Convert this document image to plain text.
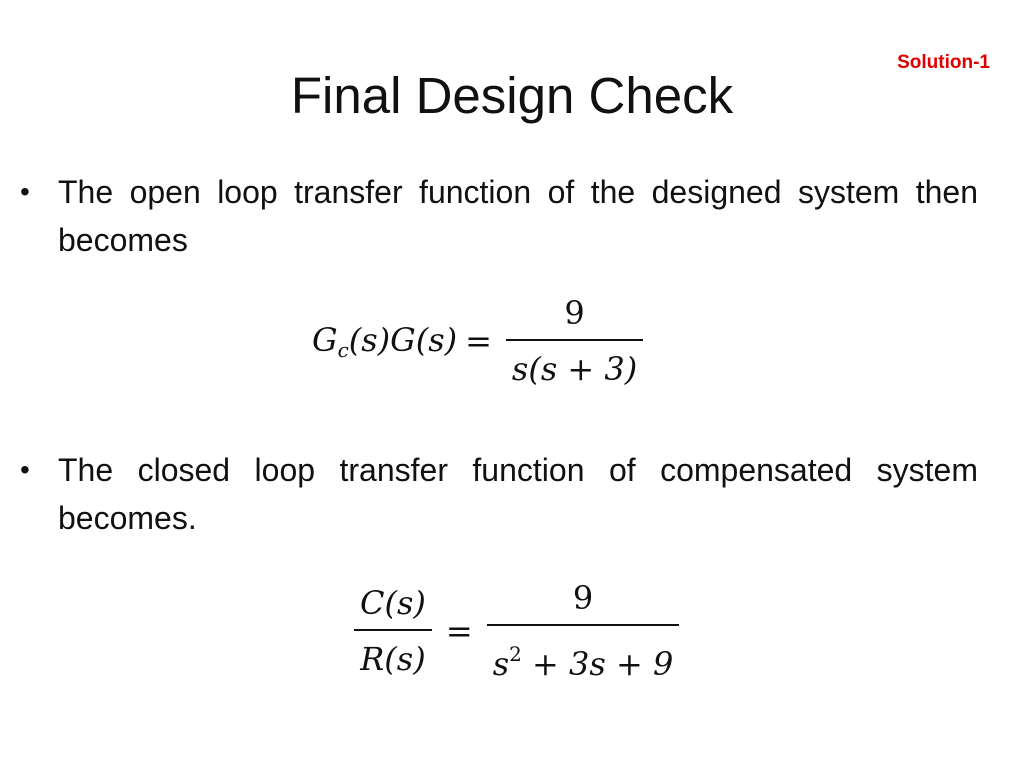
Solution-1
Final Design Check
• The open loop transfer function of the designed system then becomes
$G_c(s)G(s) = \frac{9}{s(s + 3)}$
• The closed loop transfer function of compensated system becomes.
$\frac{C(s)}{R(s)} = \frac{9}{s^2 + 3s + 9}$
